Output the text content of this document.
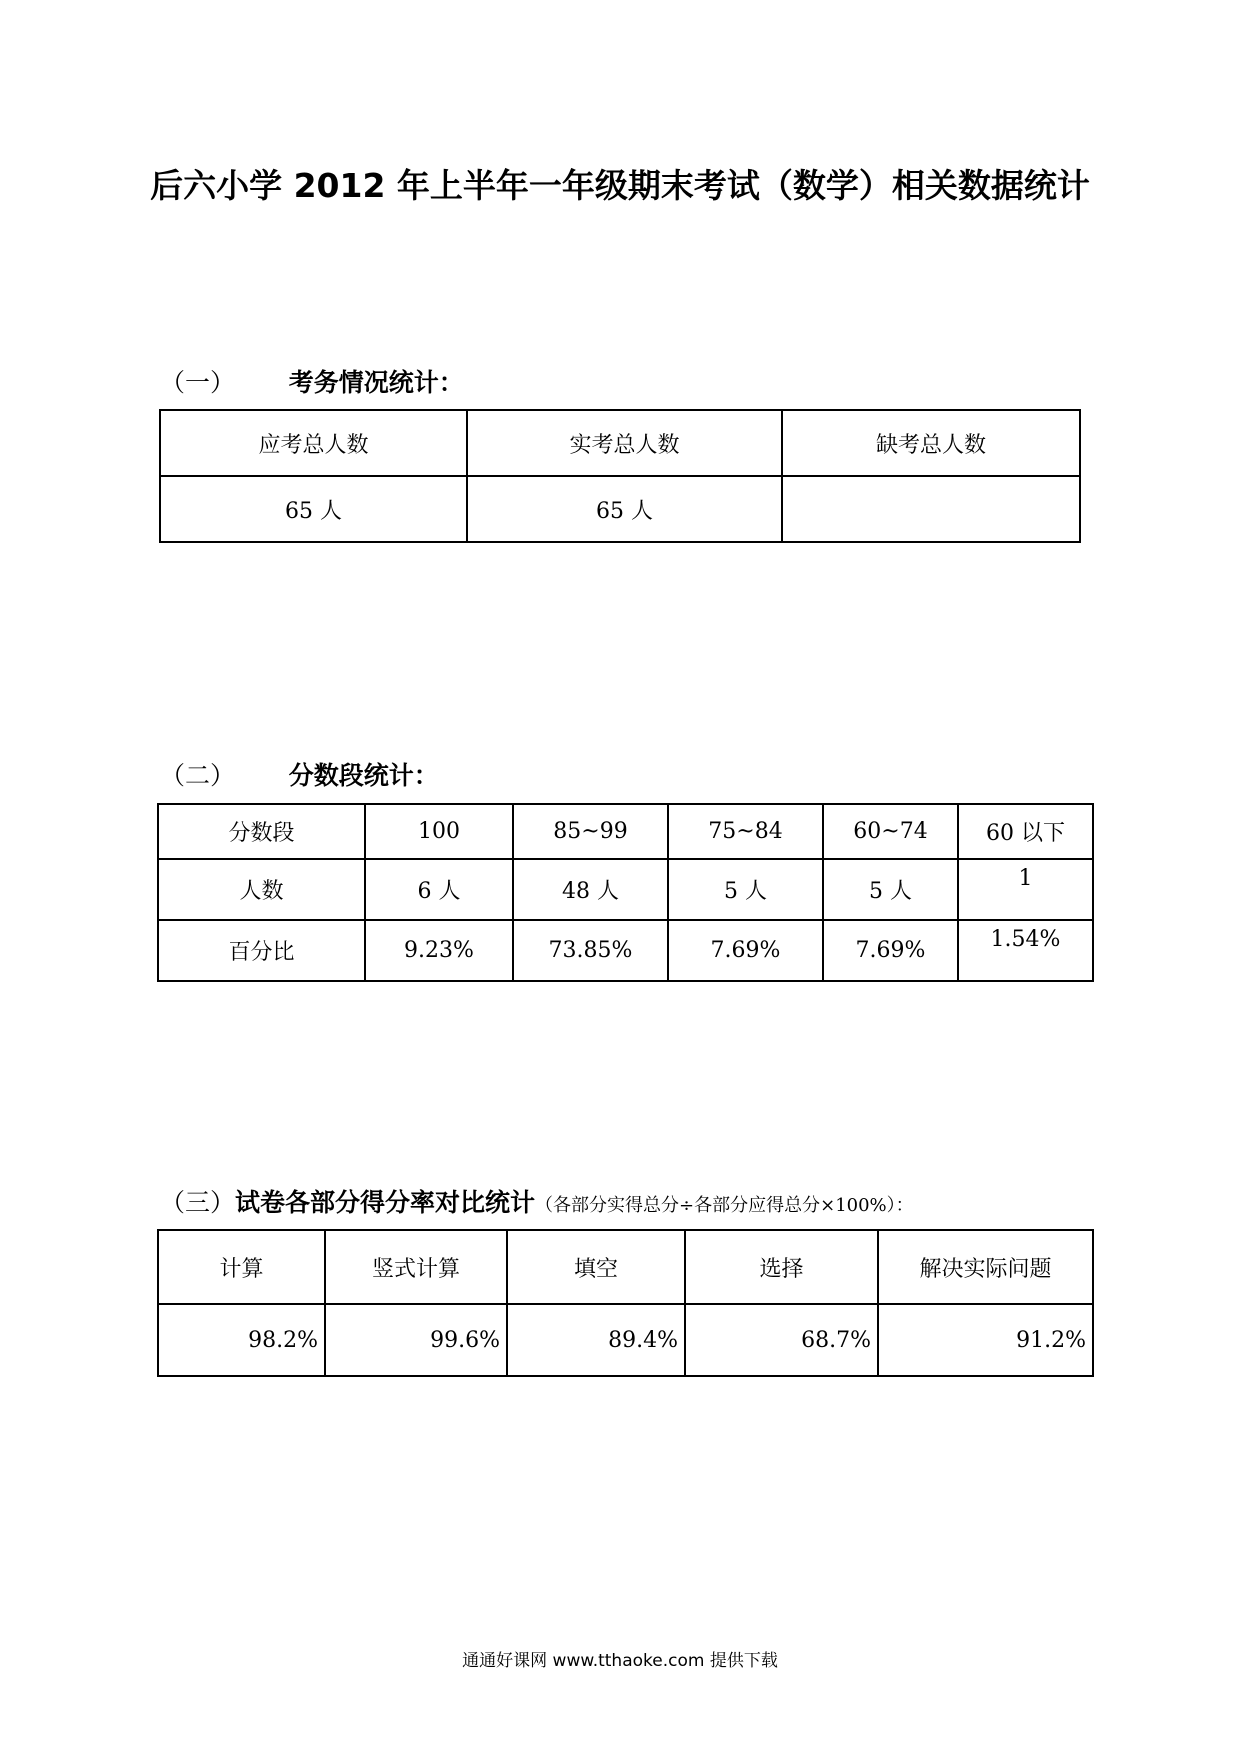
后六小学 2012 年上半年一年级期末考试（数学）相关数据统计
（一） 考务情况统计：
应考总人数	实考总人数	缺考总人数
65 人	65 人	
（二） 分数段统计：
分数段	100	85~99	75~84	60~74	60 以下
人数	6 人	48 人	5 人	5 人	1
百分比	9.23%	73.85%	7.69%	7.69%	1.54%
（三）试卷各部分得分率对比统计（各部分实得总分÷各部分应得总分×100%）：
计算	竖式计算	填空	选择	解决实际问题
98.2%	99.6%	89.4%	68.7%	91.2%
通通好课网 www.tthaoke.com 提供下载
